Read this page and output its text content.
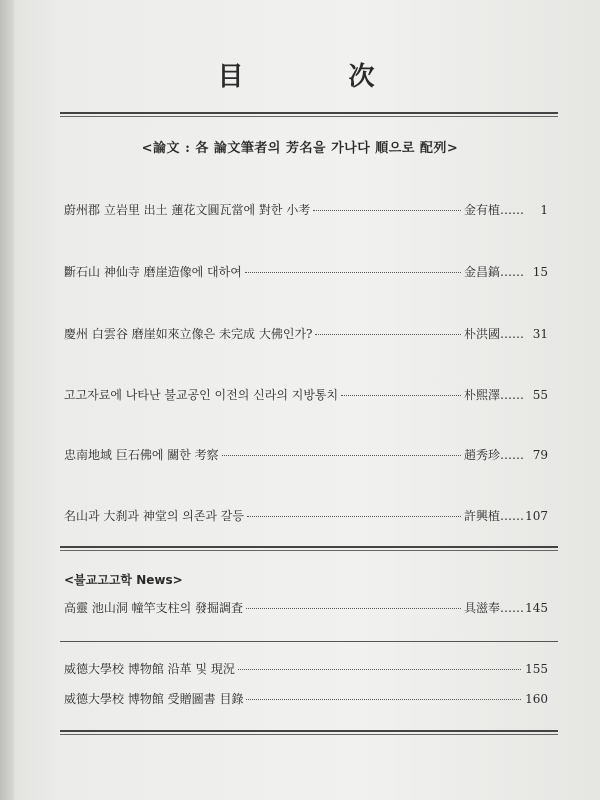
目 次
<論文 : 各 論文筆者의 芳名을 가나다 順으로 配列>
蔚州郡 立岩里 出土 蓮花文圓瓦當에 對한 小考	金有植……	1
斷石山 神仙寺 磨崖造像에 대하여	金昌鎬…… 15
慶州 白雲谷 磨崖如來立像은 未完成 大佛인가?	朴洪國…… 31
고고자료에 나타난 불교공인 이전의 신라의 지방통치	朴熙澤…… 55
忠南地域 巨石佛에 關한 考察	趙秀珍…… 79
名山과 大刹과 神堂의 의존과 갈등	許興植…… 107
<불교고고학 News>
高靈 池山洞 幢竿支柱의 發掘調査	具滋奉…… 145
威德大學校 博物館 沿革 및 現況	155
威德大學校 博物館 受贈圖書 目錄	160
